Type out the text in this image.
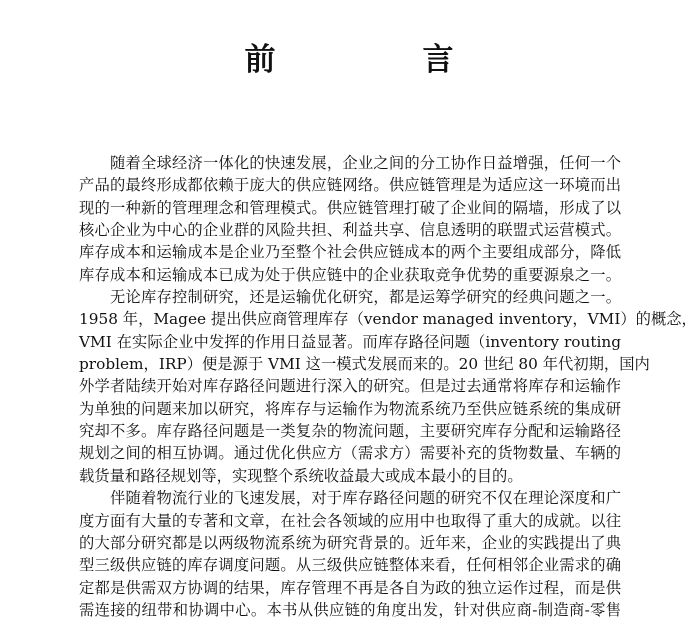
前　言

随着全球经济一体化的快速发展，企业之间的分工协作日益增强，任何一个
产品的最终形成都依赖于庞大的供应链网络。供应链管理是为适应这一环境而出
现的一种新的管理理念和管理模式。供应链管理打破了企业间的隔墙，形成了以
核心企业为中心的企业群的风险共担、利益共享、信息透明的联盟式运营模式。
库存成本和运输成本是企业乃至整个社会供应链成本的两个主要组成部分，降低
库存成本和运输成本已成为处于供应链中的企业获取竞争优势的重要源泉之一。

无论库存控制研究，还是运输优化研究，都是运筹学研究的经典问题之一。
1958 年，Magee 提出供应商管理库存（vendor managed inventory，VMI）的概念，
VMI 在实际企业中发挥的作用日益显著。而库存路径问题（inventory routing
problem，IRP）便是源于 VMI 这一模式发展而来的。20 世纪 80 年代初期，国内
外学者陆续开始对库存路径问题进行深入的研究。但是过去通常将库存和运输作
为单独的问题来加以研究，将库存与运输作为物流系统乃至供应链系统的集成研
究却不多。库存路径问题是一类复杂的物流问题，主要研究库存分配和运输路径
规划之间的相互协调。通过优化供应方（需求方）需要补充的货物数量、车辆的
载货量和路径规划等，实现整个系统收益最大或成本最小的目的。

伴随着物流行业的飞速发展，对于库存路径问题的研究不仅在理论深度和广
度方面有大量的专著和文章，在社会各领域的应用中也取得了重大的成就。以往
的大部分研究都是以两级物流系统为研究背景的。近年来，企业的实践提出了典
型三级供应链的库存调度问题。从三级供应链整体来看，任何相邻企业需求的确
定都是供需双方协调的结果，库存管理不再是各自为政的独立运作过程，而是供
需连接的纽带和协调中心。本书从供应链的角度出发，针对供应商-制造商-零售
